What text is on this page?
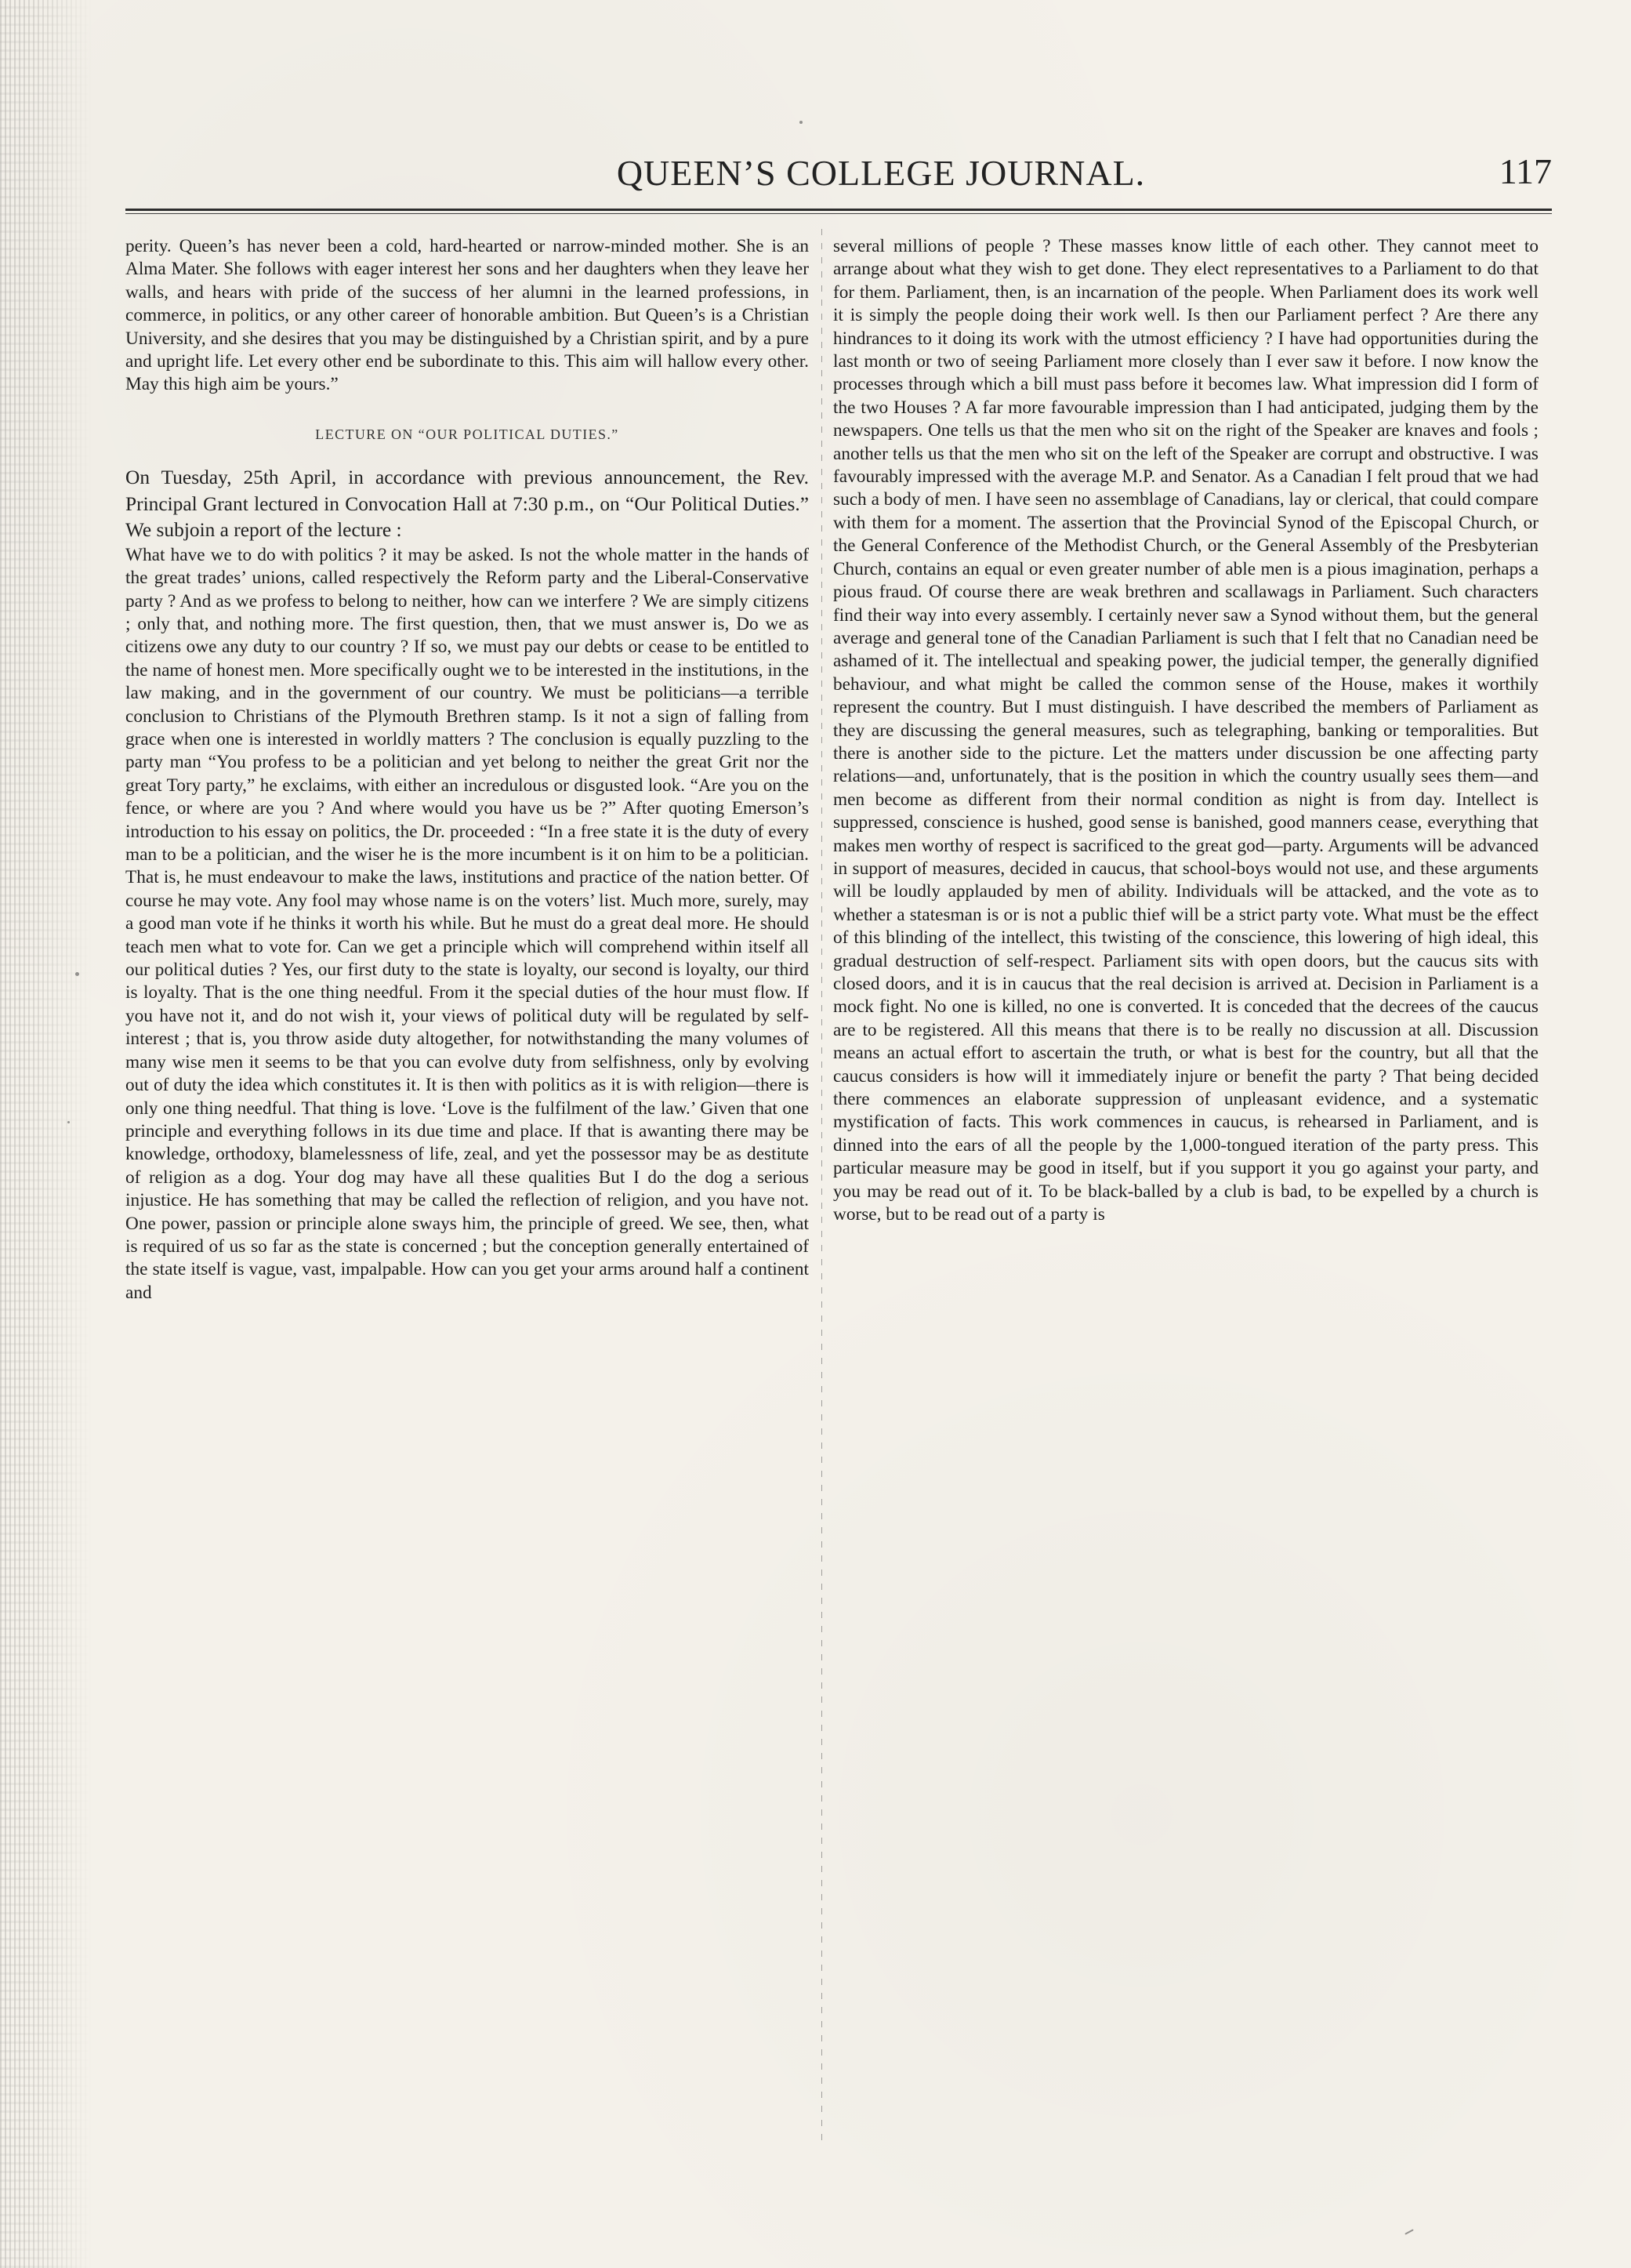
QUEEN’S COLLEGE JOURNAL.	117

perity. Queen’s has never been a cold, hard-hearted or narrow-minded mother. She is an Alma Mater. She follows with eager interest her sons and her daughters when they leave her walls, and hears with pride of the success of her alumni in the learned professions, in commerce, in politics, or any other career of honorable ambition. But Queen’s is a Christian University, and she desires that you may be distinguished by a Christian spirit, and by a pure and upright life. Let every other end be subordinate to this. This aim will hallow every other. May this high aim be yours.”

LECTURE ON “OUR POLITICAL DUTIES.”

On Tuesday, 25th April, in accordance with previous announcement, the Rev. Principal Grant lectured in Convocation Hall at 7:30 p.m., on “Our Political Duties.” We subjoin a report of the lecture :

What have we to do with politics ? it may be asked. Is not the whole matter in the hands of the great trades’ unions, called respectively the Reform party and the Liberal-Conservative party ? And as we profess to belong to neither, how can we interfere ? We are simply citizens ; only that, and nothing more. The first question, then, that we must answer is, Do we as citizens owe any duty to our country ? If so, we must pay our debts or cease to be entitled to the name of honest men. More specifically ought we to be interested in the institutions, in the law making, and in the government of our country. We must be politicians—a terrible conclusion to Christians of the Plymouth Brethren stamp. Is it not a sign of falling from grace when one is interested in worldly matters ? The conclusion is equally puzzling to the party man “You profess to be a politician and yet belong to neither the great Grit nor the great Tory party,” he exclaims, with either an incredulous or disgusted look. “Are you on the fence, or where are you ? And where would you have us be ?” After quoting Emerson’s introduction to his essay on politics, the Dr. proceeded : “In a free state it is the duty of every man to be a politician, and the wiser he is the more incumbent is it on him to be a politician. That is, he must endeavour to make the laws, institutions and practice of the nation better. Of course he may vote. Any fool may whose name is on the voters’ list. Much more, surely, may a good man vote if he thinks it worth his while. But he must do a great deal more. He should teach men what to vote for. Can we get a principle which will comprehend within itself all our political duties ? Yes, our first duty to the state is loyalty, our second is loyalty, our third is loyalty. That is the one thing needful. From it the special duties of the hour must flow. If you have not it, and do not wish it, your views of political duty will be regulated by self-interest ; that is, you throw aside duty altogether, for notwithstanding the many volumes of many wise men it seems to be that you can evolve duty from selfishness, only by evolving out of duty the idea which constitutes it. It is then with politics as it is with religion—there is only one thing needful. That thing is love. ‘Love is the fulfilment of the law.’ Given that one principle and everything follows in its due time and place. If that is awanting there may be knowledge, orthodoxy, blamelessness of life, zeal, and yet the possessor may be as destitute of religion as a dog. Your dog may have all these qualities But I do the dog a serious injustice. He has something that may be called the reflection of religion, and you have not. One power, passion or principle alone sways him, the principle of greed. We see, then, what is required of us so far as the state is concerned ; but the conception generally entertained of the state itself is vague, vast, impalpable. How can you get your arms around half a continent and

several millions of people ? These masses know little of each other. They cannot meet to arrange about what they wish to get done. They elect representatives to a Parliament to do that for them. Parliament, then, is an incarnation of the people. When Parliament does its work well it is simply the people doing their work well. Is then our Parliament perfect ? Are there any hindrances to it doing its work with the utmost efficiency ? I have had opportunities during the last month or two of seeing Parliament more closely than I ever saw it before. I now know the processes through which a bill must pass before it becomes law. What impression did I form of the two Houses ? A far more favourable impression than I had anticipated, judging them by the newspapers. One tells us that the men who sit on the right of the Speaker are knaves and fools ; another tells us that the men who sit on the left of the Speaker are corrupt and obstructive. I was favourably impressed with the average M.P. and Senator. As a Canadian I felt proud that we had such a body of men. I have seen no assemblage of Canadians, lay or clerical, that could compare with them for a moment. The assertion that the Provincial Synod of the Episcopal Church, or the General Conference of the Methodist Church, or the General Assembly of the Presbyterian Church, contains an equal or even greater number of able men is a pious imagination, perhaps a pious fraud. Of course there are weak brethren and scallawags in Parliament. Such characters find their way into every assembly. I certainly never saw a Synod without them, but the general average and general tone of the Canadian Parliament is such that I felt that no Canadian need be ashamed of it. The intellectual and speaking power, the judicial temper, the generally dignified behaviour, and what might be called the common sense of the House, makes it worthily represent the country. But I must distinguish. I have described the members of Parliament as they are discussing the general measures, such as telegraphing, banking or temporalities. But there is another side to the picture. Let the matters under discussion be one affecting party relations—and, unfortunately, that is the position in which the country usually sees them—and men become as different from their normal condition as night is from day. Intellect is suppressed, conscience is hushed, good sense is banished, good manners cease, everything that makes men worthy of respect is sacrificed to the great god—party. Arguments will be advanced in support of measures, decided in caucus, that school-boys would not use, and these arguments will be loudly applauded by men of ability. Individuals will be attacked, and the vote as to whether a statesman is or is not a public thief will be a strict party vote. What must be the effect of this blinding of the intellect, this twisting of the conscience, this lowering of high ideal, this gradual destruction of self-respect. Parliament sits with open doors, but the caucus sits with closed doors, and it is in caucus that the real decision is arrived at. Decision in Parliament is a mock fight. No one is killed, no one is converted. It is conceded that the decrees of the caucus are to be registered. All this means that there is to be really no discussion at all. Discussion means an actual effort to ascertain the truth, or what is best for the country, but all that the caucus considers is how will it immediately injure or benefit the party ? That being decided there commences an elaborate suppression of unpleasant evidence, and a systematic mystification of facts. This work commences in caucus, is rehearsed in Parliament, and is dinned into the ears of all the people by the 1,000-tongued iteration of the party press. This particular measure may be good in itself, but if you support it you go against your party, and you may be read out of it. To be black-balled by a club is bad, to be expelled by a church is worse, but to be read out of a party is
